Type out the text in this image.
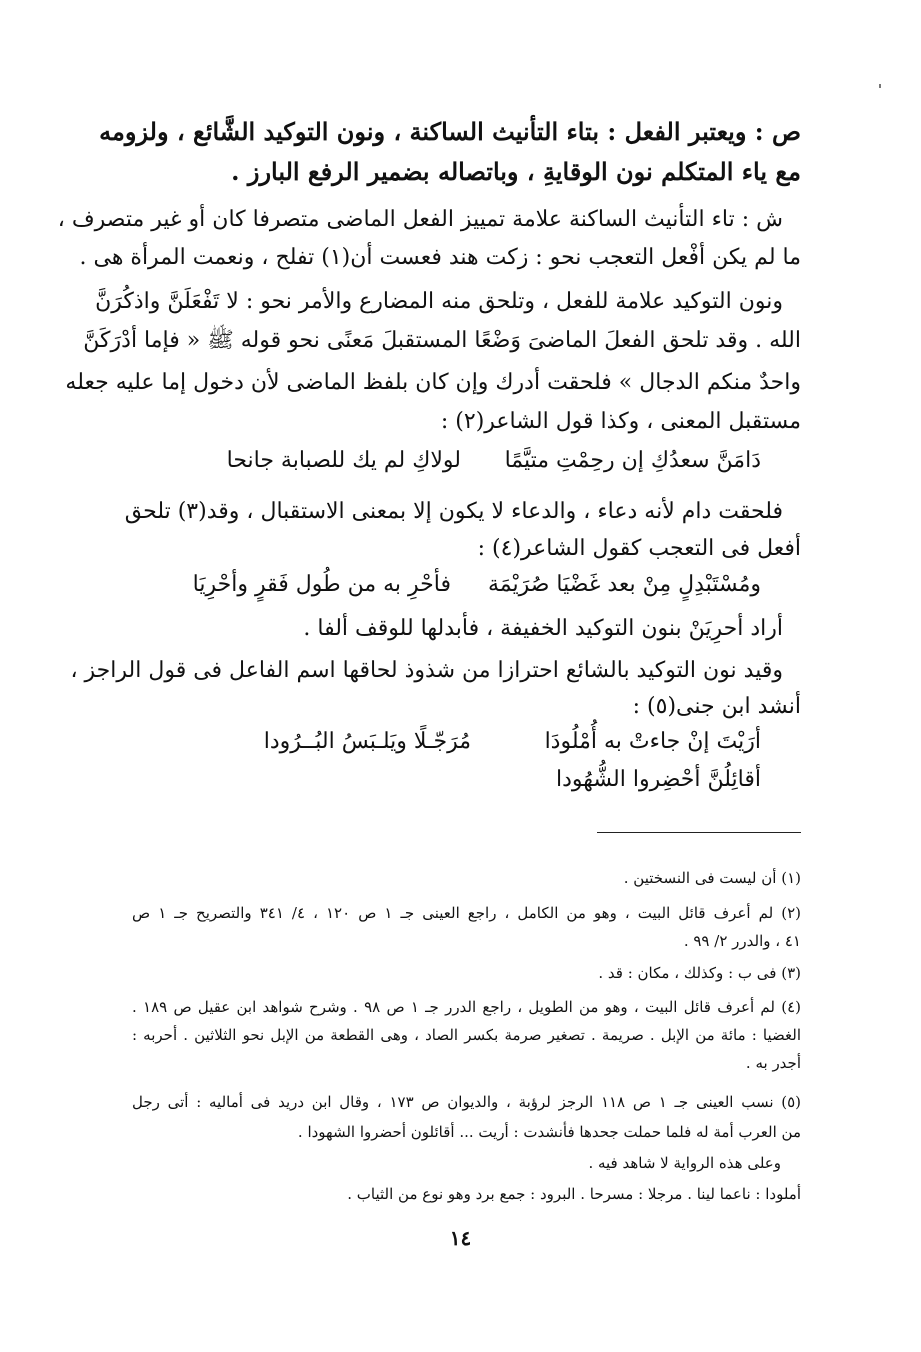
ص : ويعتبر الفعل : بتاء التأنيث الساكنة ، ونون التوكيد الشَّائع ، ولزومه
مع ياء المتكلم نون الوقايةِ ، وباتصاله بضمير الرفع البارز .
ش : تاء التأنيث الساكنة علامة تمييز الفعل الماضى متصرفا كان أو غير متصرف ،
ما لم يكن أفْعل التعجب نحو : زكت هند فعست أن(١) تفلح ، ونعمت المرأة هى .
ونون التوكيد علامة للفعل ، وتلحق منه المضارع والأمر نحو : لا تَفْعَلَنَّ واذكُرَنَّ
الله . وقد تلحق الفعلَ الماضىَ وَضْعًا المستقبلَ مَعنًى نحو قوله ﷺ « فإما أدْرَكَنَّ
واحدٌ منكم الدجال » فلحقت أدرك وإن كان بلفظ الماضى لأن دخول إما عليه جعله
مستقبل المعنى ، وكذا قول الشاعر(٢) :
دَامَنَّ سعدُكِ إن رحِمْتِ متيَّمًا
لولاكِ لم يك للصبابة جانحا
فلحقت دام لأنه دعاء ، والدعاء لا يكون إلا بمعنى الاستقبال ، وقد(٣) تلحق
أفعل فى التعجب كقول الشاعر(٤) :
ومُسْتَبْدِلٍ مِنْ بعد غَضْيَا صُرَيْمَة
فأحْرِ به من طُول فَقرٍ وأحْرِيَا
أراد أحرِيَنْ بنون التوكيد الخفيفة ، فأبدلها للوقف ألفا .
وقيد نون التوكيد بالشائع احترازا من شذوذ لحاقها اسم الفاعل فى قول الراجز ،
أنشد ابن جنى(٥) :
أرَيْتَ إنْ جاءتْ به أُمْلُودَا
مُرَجّـلًا ويَلـبَسُ البُــرُودا
أقائِلُنَّ أحْضِروا الشُّهُودا
(١) أن ليست فى النسختين .
(٢) لم أعرف قائل البيت ، وهو من الكامل ، راجع العينى جـ ١ ص ١٢٠ ، ٤/ ٣٤١ والتصريح جـ ١ ص
٤١ ، والدرر ٢/ ٩٩ .
(٣) فى ب : وكذلك ، مكان : قد .
(٤) لم أعرف قائل البيت ، وهو من الطويل ، راجع الدرر جـ ١ ص ٩٨ . وشرح شواهد ابن عقيل ص ١٨٩ .
الغضيا : مائة من الإبل . صريمة . تصغير صرمة بكسر الصاد ، وهى القطعة من الإبل نحو الثلاثين . أحربه :
أجدر به .
(٥) نسب العينى جـ ١ ص ١١٨ الرجز لرؤبة ، والديوان ص ١٧٣ ، وقال ابن دريد فى أماليه : أتى رجل
من العرب أمة له فلما حملت جحدها فأنشدت : أريت ... أقائلون أحضروا الشهودا .
وعلى هذه الرواية لا شاهد فيه .
أملودا : ناعما لينا . مرجلا : مسرحا . البرود : جمع برد وهو نوع من الثياب .
١٤
